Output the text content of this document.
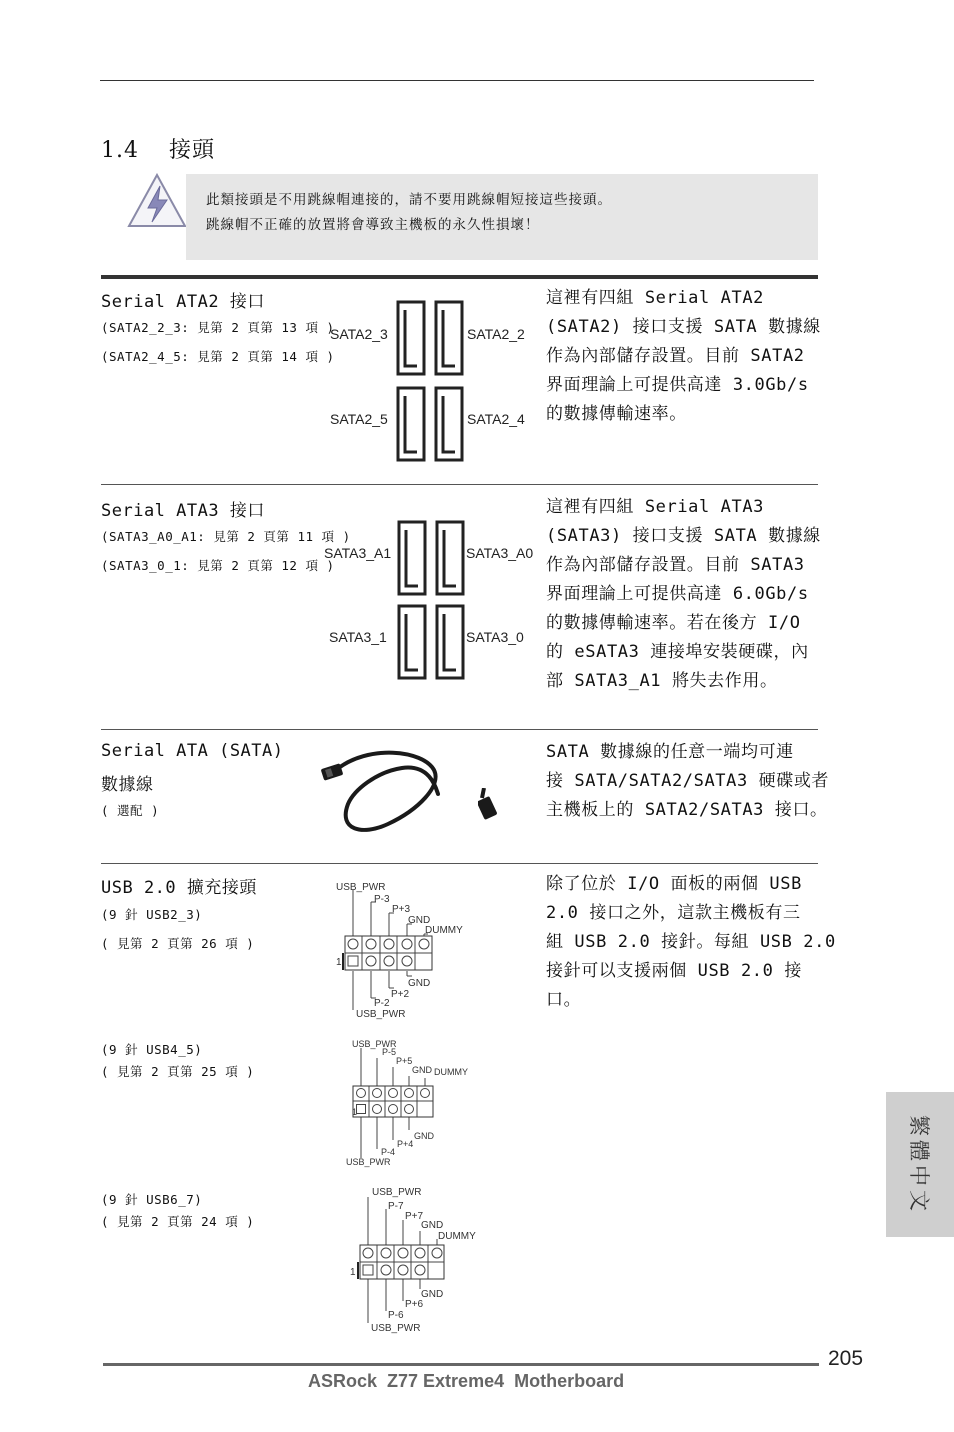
1.4 接頭

此類接頭是不用跳線帽連接的，請不要用跳線帽短接這些接頭。

跳線帽不正確的放置將會導致主機板的永久性損壞！

Serial ATA2 接口
(SATA2_2_3: 見第 2 頁第 13 項 )
(SATA2_4_5: 見第 2 頁第 14 項 )
SATA2_3	SATA2_2
SATA2_5	SATA2_4

這裡有四組 Serial ATA2

(SATA2) 接口支援 SATA 數據線

作為內部儲存設置。目前 SATA2

界面理論上可提供高達 3.0Gb/s

的數據傳輸速率。

Serial ATA3 接口
(SATA3_A0_A1: 見第 2 頁第 11 項 )
(SATA3_0_1: 見第 2 頁第 12 項 )
SATA3_A1	SATA3_A0
SATA3_1	SATA3_0

這裡有四組 Serial ATA3

(SATA3) 接口支援 SATA 數據線

作為內部儲存設置。目前 SATA3

界面理論上可提供高達 6.0Gb/s

的數據傳輸速率。若在後方 I/O

的 eSATA3 連接埠安裝硬碟，內

部 SATA3_A1 將失去作用。

Serial ATA (SATA)
數據線
( 選配 )

SATA 數據線的任意一端均可連

接 SATA/SATA2/SATA3 硬碟或者

主機板上的 SATA2/SATA3 接口。

USB 2.0 擴充接頭
(9 針 USB2_3)
( 見第 2 頁第 26 項 )

除了位於 I/O 面板的兩個 USB

2.0 接口之外，這款主機板有三

組 USB 2.0 接針。每組 USB 2.0

接針可以支援兩個 USB 2.0 接

口。

USB_PWR
P-3
P+3
GND
DUMMY
GND
P+2
P-2
USB_PWR
1
(9 針 USB4_5)
( 見第 2 頁第 25 項 )
USB_PWR
P-5
P+5
GND DUMMY
GND
P+4
P-4
USB_PWR
1
(9 針 USB6_7)
( 見第 2 頁第 24 項 )
USB_PWR
P-7
P+7
GND
DUMMY
GND
P+6
P-6
USB_PWR
1
繁體中文
205
ASRock  Z77 Extreme4  Motherboard
